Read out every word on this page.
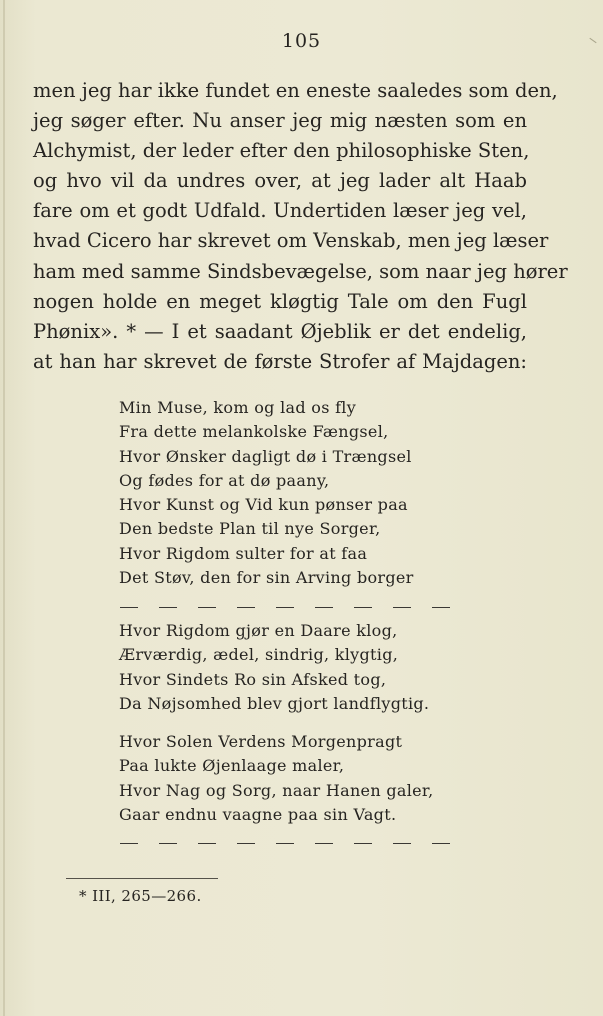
105
men jeg har ikke fundet en eneste saaledes som den,
jeg søger efter. Nu anser jeg mig næsten som en
Alchymist, der leder efter den philosophiske Sten,
og hvo vil da undres over, at jeg lader alt Haab
fare om et godt Udfald. Undertiden læser jeg vel,
hvad Cicero har skrevet om Venskab, men jeg læser
ham med samme Sindsbevægelse, som naar jeg hører
nogen holde en meget kløgtig Tale om den Fugl
Phønix». * — I et saadant Øjeblik er det endelig,
at han har skrevet de første Strofer af Majdagen:
Min Muse, kom og lad os fly
Fra dette melankolske Fængsel,
Hvor Ønsker dagligt dø i Trængsel
Og fødes for at dø paany,
Hvor Kunst og Vid kun pønser paa
Den bedste Plan til nye Sorger,
Hvor Rigdom sulter for at faa
Det Støv, den for sin Arving borger
Hvor Rigdom gjør en Daare klog,
Ærværdig, ædel, sindrig, klygtig,
Hvor Sindets Ro sin Afsked tog,
Da Nøjsomhed blev gjort landflygtig.
Hvor Solen Verdens Morgenpragt
Paa lukte Øjenlaage maler,
Hvor Nag og Sorg, naar Hanen galer,
Gaar endnu vaagne paa sin Vagt.
* III, 265—266.
